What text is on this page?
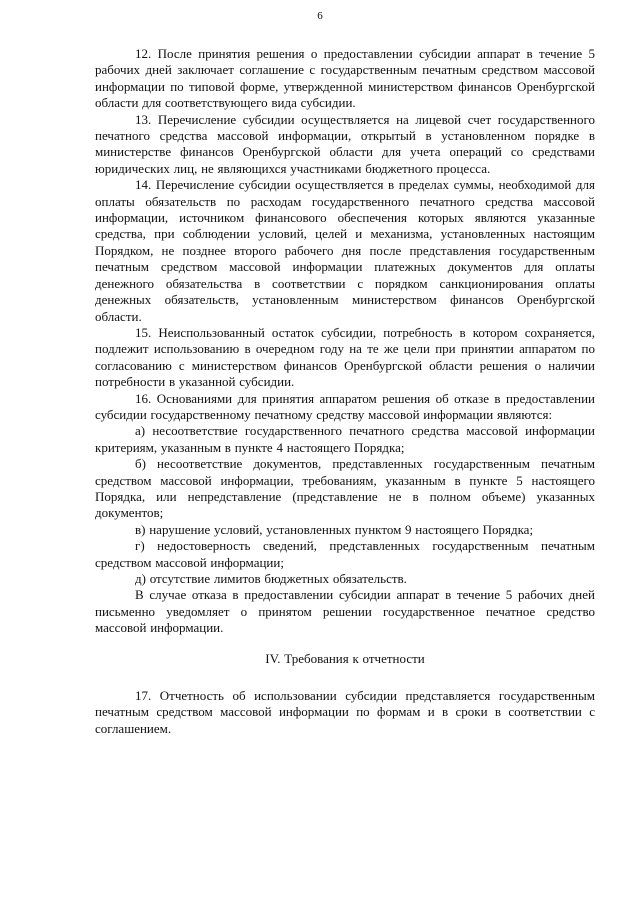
6

12. После принятия решения о предоставлении субсидии аппарат в течение 5 рабочих дней заключает соглашение с государственным печатным средством массовой информации по типовой форме, утвержденной министерством финансов Оренбургской области для соответствующего вида субсидии.

13. Перечисление субсидии осуществляется на лицевой счет государственного печатного средства массовой информации, открытый в установленном порядке в министерстве финансов Оренбургской области для учета операций со средствами юридических лиц, не являющихся участниками бюджетного процесса.

14. Перечисление субсидии осуществляется в пределах суммы, необходимой для оплаты обязательств по расходам государственного печатного средства массовой информации, источником финансового обеспечения которых являются указанные средства, при соблюдении условий, целей и механизма, установленных настоящим Порядком, не позднее второго рабочего дня после представления государственным печатным средством массовой информации платежных документов для оплаты денежного обязательства в соответствии с порядком санкционирования оплаты денежных обязательств, установленным министерством финансов Оренбургской области.

15. Неиспользованный остаток субсидии, потребность в котором сохраняется, подлежит использованию в очередном году на те же цели при принятии аппаратом по согласованию с министерством финансов Оренбургской области решения о наличии потребности в указанной субсидии.

16. Основаниями для принятия аппаратом решения об отказе в предоставлении субсидии государственному печатному средству массовой информации являются:

а) несоответствие государственного печатного средства массовой информации критериям, указанным в пункте 4 настоящего Порядка;

б) несоответствие документов, представленных государственным печатным средством массовой информации, требованиям, указанным в пункте 5 настоящего Порядка, или непредставление (представление не в полном объеме) указанных документов;

в) нарушение условий, установленных пунктом 9 настоящего Порядка;

г) недостоверность сведений, представленных государственным печатным средством массовой информации;

д) отсутствие лимитов бюджетных обязательств.

В случае отказа в предоставлении субсидии аппарат в течение 5 рабочих дней письменно уведомляет о принятом решении государственное печатное средство массовой информации.

IV. Требования к отчетности

17. Отчетность об использовании субсидии представляется государственным печатным средством массовой информации по формам и в сроки в соответствии с соглашением.
